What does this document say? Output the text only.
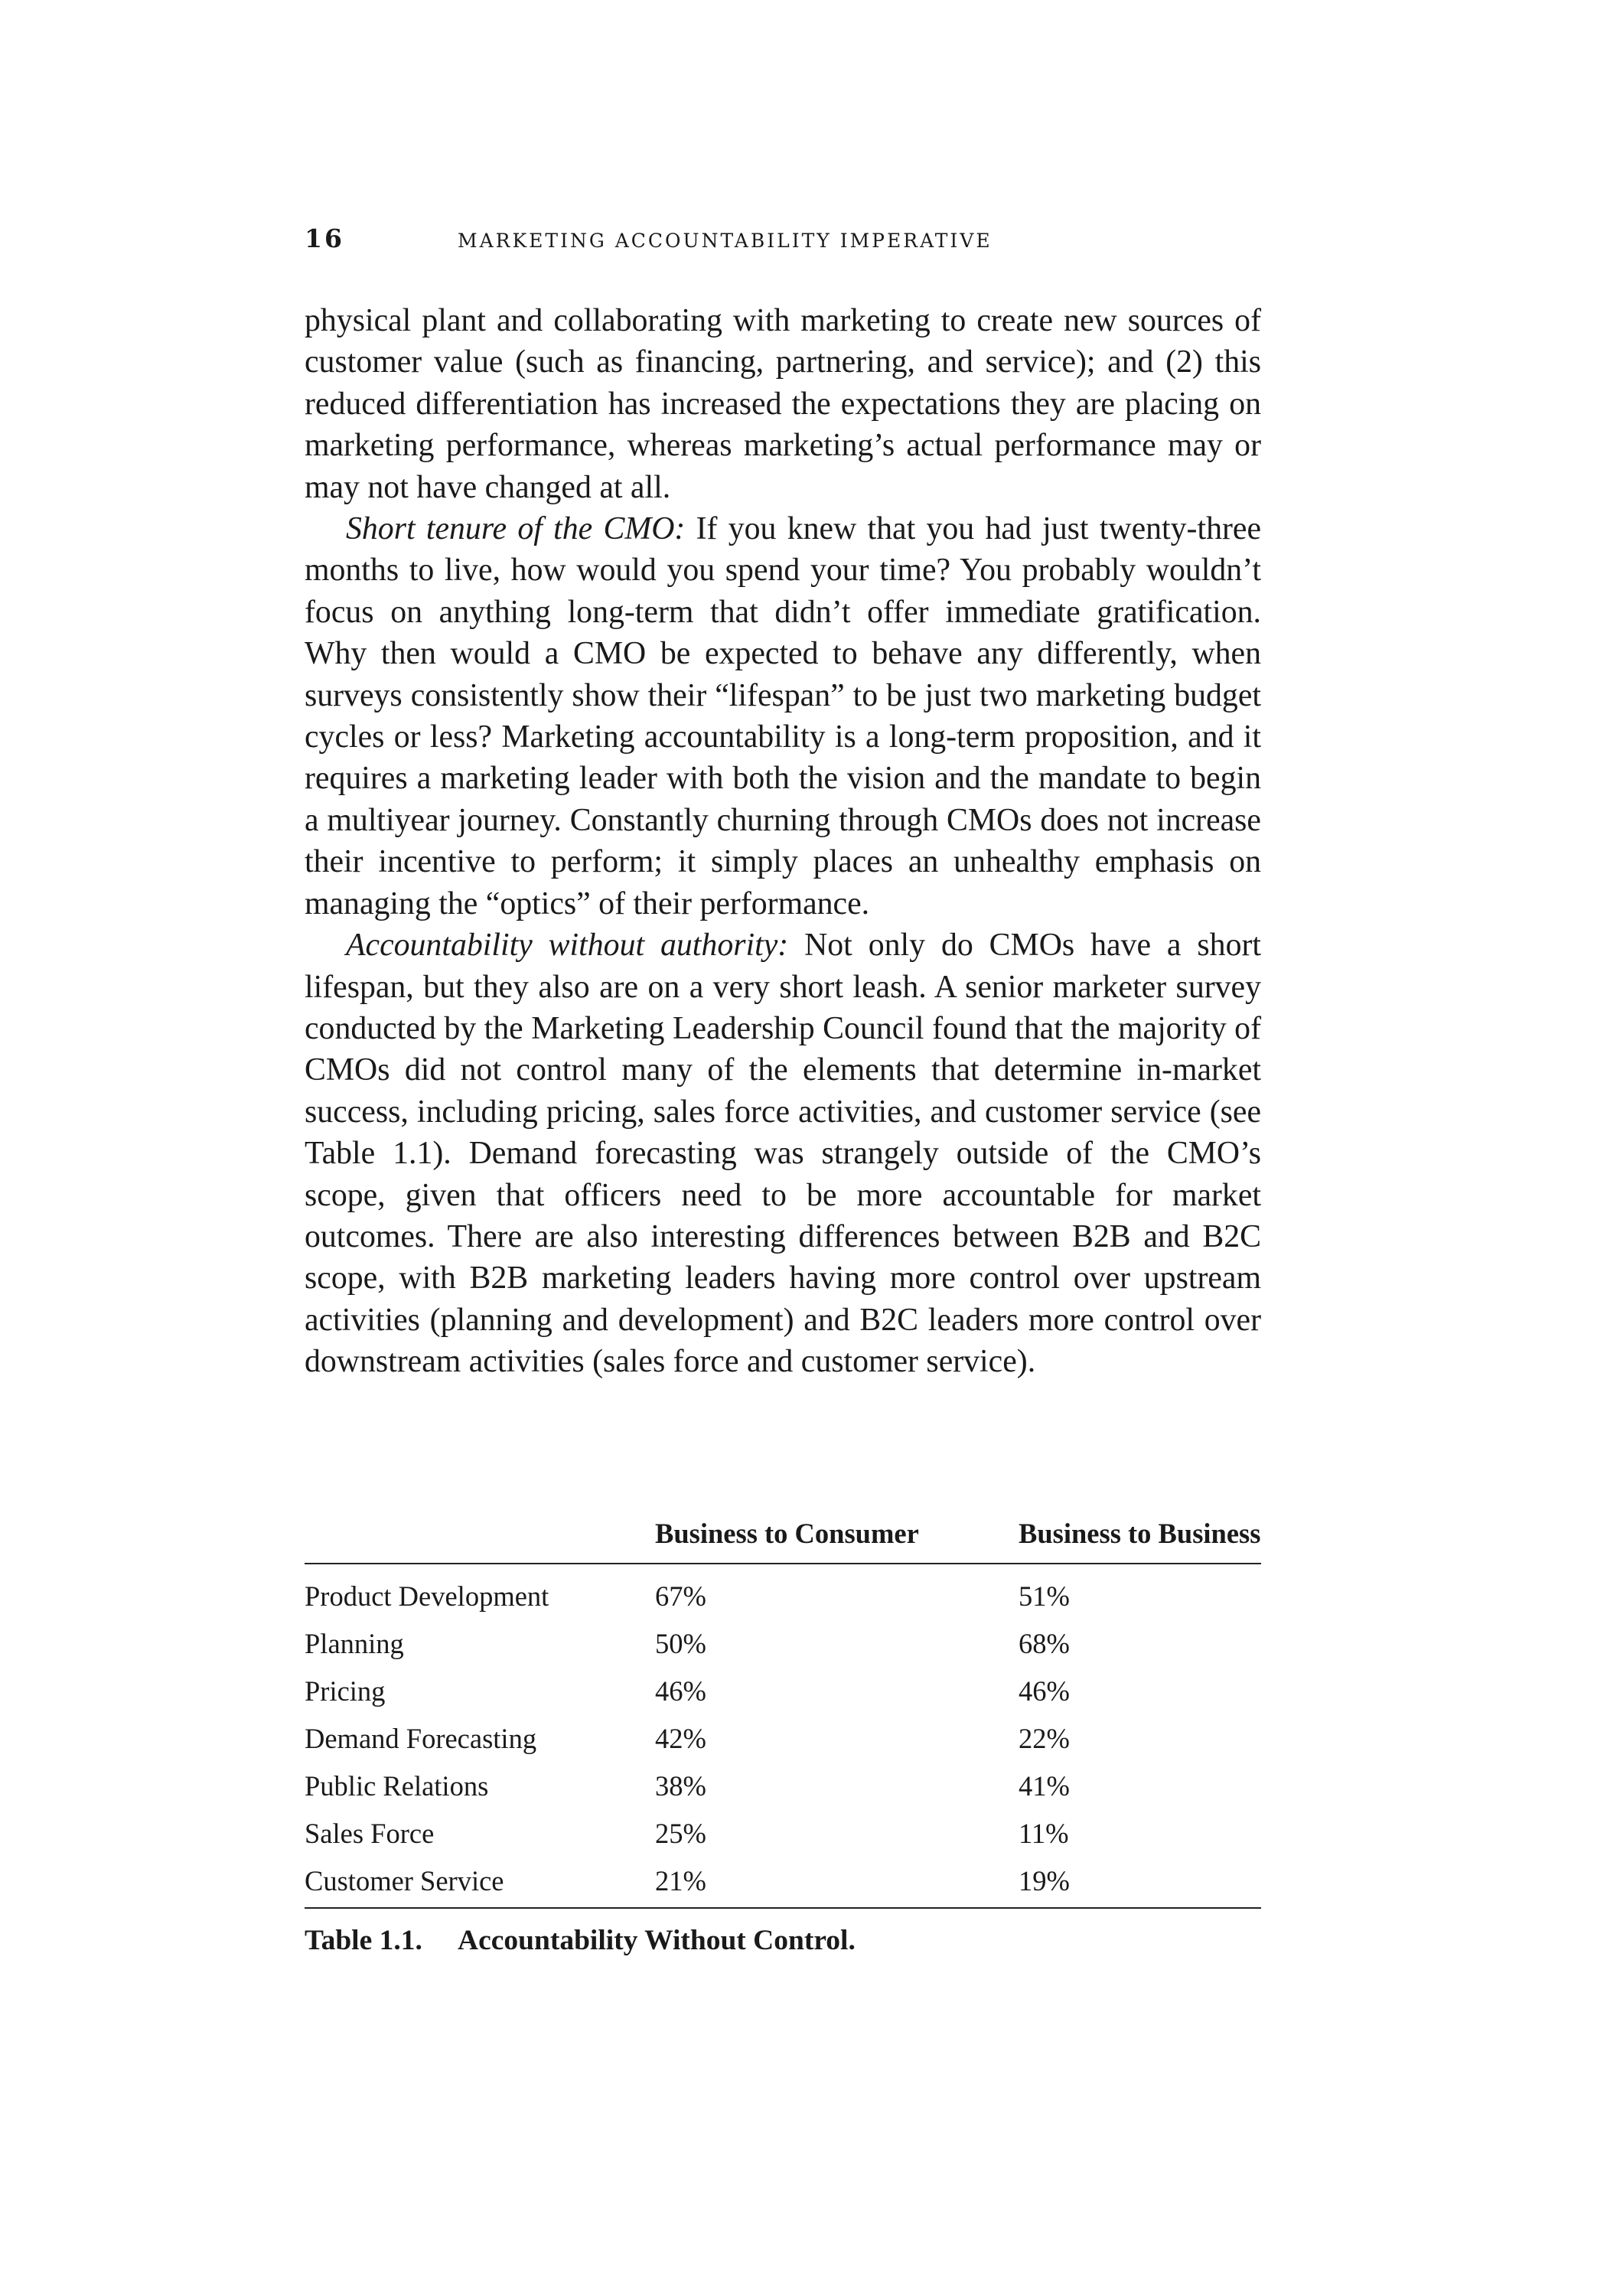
16	MARKETING ACCOUNTABILITY IMPERATIVE

physical plant and collaborating with marketing to create new sources of customer value (such as financing, partnering, and service); and (2) this reduced differentiation has increased the expectations they are placing on marketing performance, whereas marketing’s actual performance may or may not have changed at all.

Short tenure of the CMO: If you knew that you had just twenty-three months to live, how would you spend your time? You probably wouldn’t focus on anything long-term that didn’t offer immediate gratification. Why then would a CMO be expected to behave any differently, when surveys consistently show their “lifespan” to be just two marketing budget cycles or less? Marketing accountability is a long-term proposition, and it requires a marketing leader with both the vision and the mandate to begin a multiyear journey. Constantly churning through CMOs does not increase their incentive to perform; it simply places an unhealthy emphasis on managing the “optics” of their performance.

Accountability without authority: Not only do CMOs have a short lifespan, but they also are on a very short leash. A senior marketer survey conducted by the Marketing Leadership Council found that the majority of CMOs did not control many of the elements that determine in-market success, including pricing, sales force activities, and customer service (see Table 1.1). Demand forecasting was strangely outside of the CMO’s scope, given that officers need to be more accountable for market outcomes. There are also interesting differences between B2B and B2C scope, with B2B marketing leaders having more control over upstream activities (planning and development) and B2C leaders more control over downstream activities (sales force and customer service).

	Business to Consumer	Business to Business
Product Development	67%	51%
Planning	50%	68%
Pricing	46%	46%
Demand Forecasting	42%	22%
Public Relations	38%	41%
Sales Force	25%	11%
Customer Service	21%	19%
Table 1.1.	Accountability Without Control.
